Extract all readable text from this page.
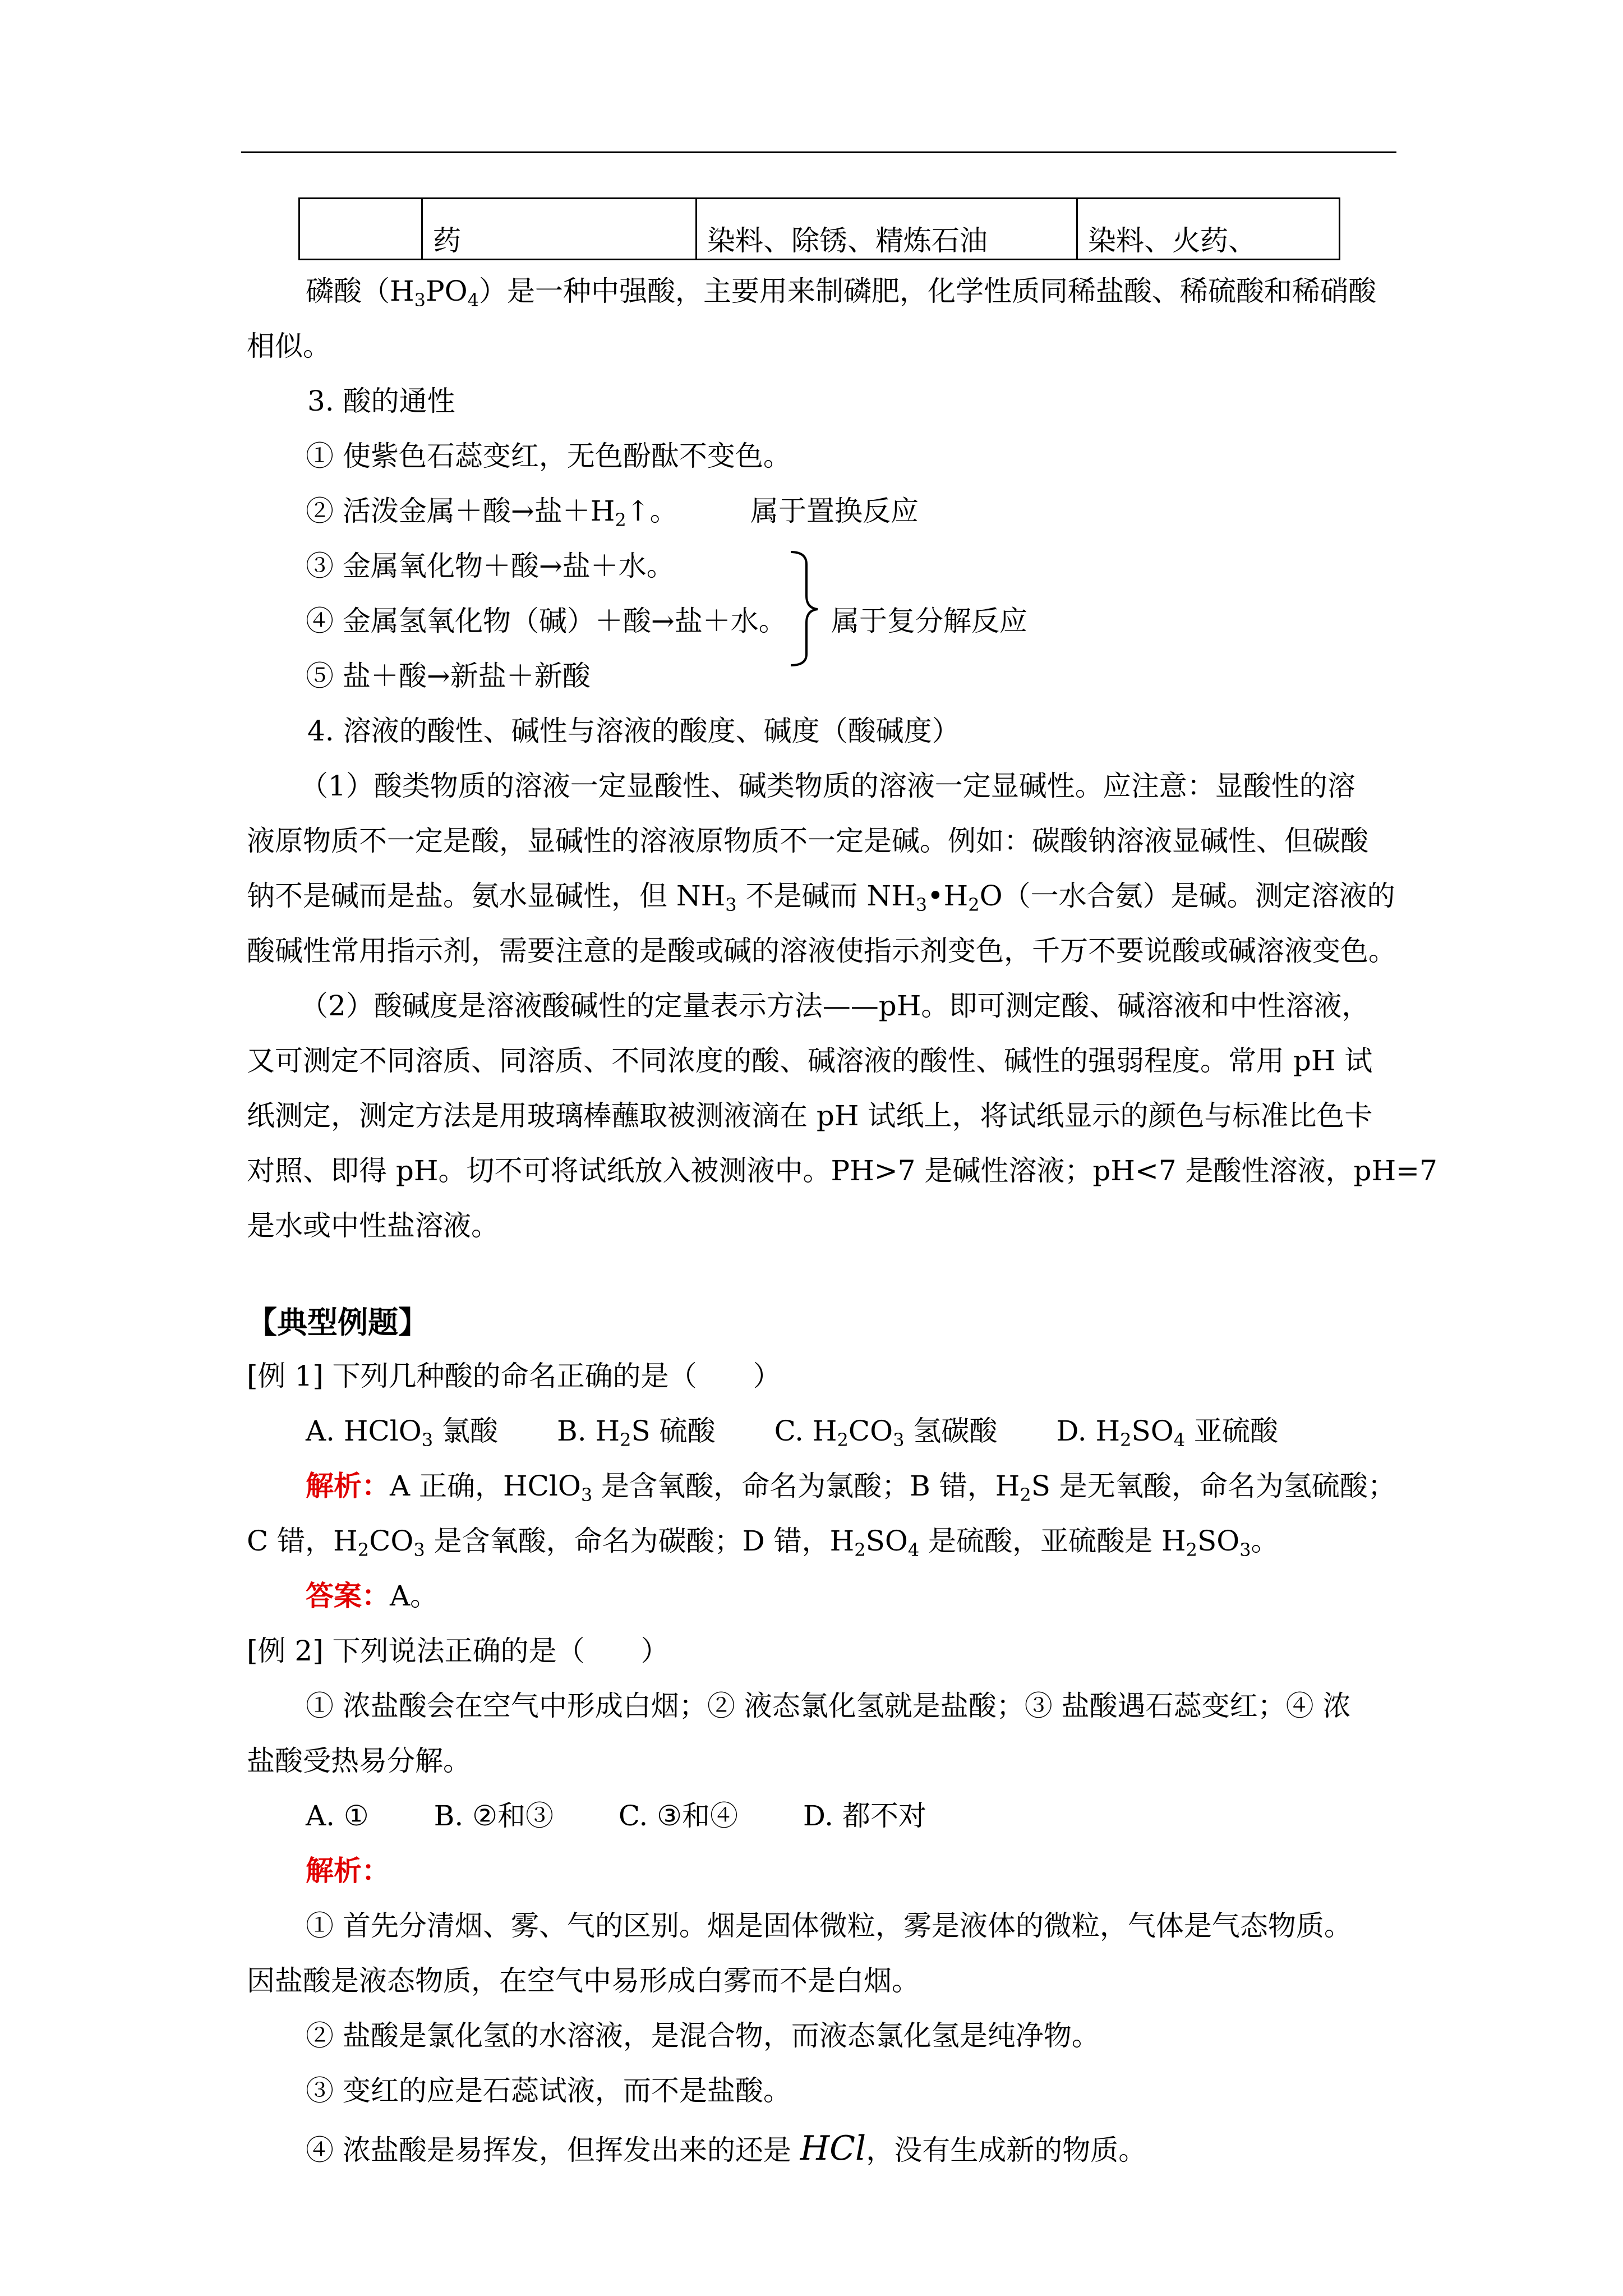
	药	染料、除锈、精炼石油	染料、火药、
磷酸$(H_3PO_4)$是一种中强酸，主要用来制磷肥，化学性质同稀盐酸、稀硫酸和稀硝酸
相似。
3. 酸的通性
① 使紫色石蕊变红，无色酚酞不变色。
② 活泼金属＋酸→盐$+H_2↑$。	属于置换反应
③ 金属氧化物＋酸→盐＋水。
④ 金属氢氧化物（碱）＋酸→盐＋水。 属于复分解反应
⑤ 盐＋酸→新盐＋新酸
4. 溶液的酸性、碱性与溶液的酸度、碱度（酸碱度）
（1）酸类物质的溶液一定显酸性、碱类物质的溶液一定显碱性。应注意：显酸性的溶
液原物质不一定是酸，显碱性的溶液原物质不一定是碱。例如：碳酸钠溶液显碱性、但碳酸
钠不是碱而是盐。氨水显碱性，但 $NH_3$ 不是碱而 $NH_3•H_2O$（一水合氨）是碱。测定溶液的
酸碱性常用指示剂，需要注意的是酸或碱的溶液使指示剂变色，千万不要说酸或碱溶液变色。
（2）酸碱度是溶液酸碱性的定量表示方法——pH。即可测定酸、碱溶液和中性溶液，
又可测定不同溶质、同溶质、不同浓度的酸、碱溶液的酸性、碱性的强弱程度。常用 pH 试
纸测定，测定方法是用玻璃棒蘸取被测液滴在 pH 试纸上，将试纸显示的颜色与标准比色卡
对照、即得 pH。切不可将试纸放入被测液中。PH>7 是碱性溶液；pH<7 是酸性溶液，pH=7
是水或中性盐溶液。
【典型例题】
[例 1] 下列几种酸的命名正确的是（　　）
A. HClO$_3$ 氯酸 B. $H_2S$ 硫酸 C. $H_2CO_3$ 氢碳酸 D. $H_2SO_4$ 亚硫酸
解析：A 正确，HClO$_3$ 是含氧酸，命名为氯酸；B 错，$H_2S$ 是无氧酸，命名为氢硫酸；
C 错，$H_2CO_3$ 是含氧酸，命名为碳酸；D 错，$H_2SO_4$ 是硫酸，亚硫酸是 $H_2SO_3$。
答案：A。
[例 2] 下列说法正确的是（　　）
① 浓盐酸会在空气中形成白烟；② 液态氯化氢就是盐酸；③ 盐酸遇石蕊变红；④ 浓
盐酸受热易分解。
A. ①　　 B. ②和③　　 C. ③和④　　 D. 都不对
解析：
① 首先分清烟、雾、气的区别。烟是固体微粒，雾是液体的微粒，气体是气态物质。
因盐酸是液态物质，在空气中易形成白雾而不是白烟。
② 盐酸是氯化氢的水溶液，是混合物，而液态氯化氢是纯净物。
③ 变红的应是石蕊试液，而不是盐酸。
④ 浓盐酸是易挥发，但挥发出来的还是 HCl，没有生成新的物质。
